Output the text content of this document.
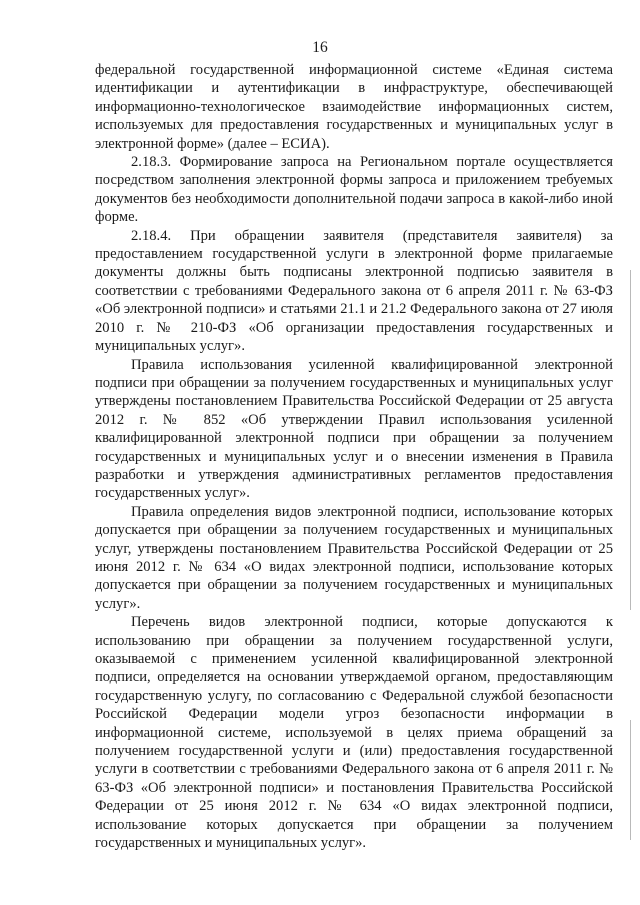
16

федеральной государственной информационной системе «Единая система идентификации и аутентификации в инфраструктуре, обеспечивающей информационно-технологическое взаимодействие информационных систем, используемых для предоставления государственных и муниципальных услуг в электронной форме» (далее – ЕСИА).

2.18.3. Формирование запроса на Региональном портале осуществляется посредством заполнения электронной формы запроса и приложением требуемых документов без необходимости дополнительной подачи запроса в какой-либо иной форме.

2.18.4. При обращении заявителя (представителя заявителя) за предоставлением государственной услуги в электронной форме прилагаемые документы должны быть подписаны электронной подписью заявителя в соответствии с требованиями Федерального закона от 6 апреля 2011 г. № 63-ФЗ «Об электронной подписи» и статьями 21.1 и 21.2 Федерального закона от 27 июля 2010 г. № 210-ФЗ «Об организации предоставления государственных и муниципальных услуг».

Правила использования усиленной квалифицированной электронной подписи при обращении за получением государственных и муниципальных услуг утверждены постановлением Правительства Российской Федерации от 25 августа 2012 г. № 852 «Об утверждении Правил использования усиленной квалифицированной электронной подписи при обращении за получением государственных и муниципальных услуг и о внесении изменения в Правила разработки и утверждения административных регламентов предоставления государственных услуг».

Правила определения видов электронной подписи, использование которых допускается при обращении за получением государственных и муниципальных услуг, утверждены постановлением Правительства Российской Федерации от 25 июня 2012 г. № 634 «О видах электронной подписи, использование которых допускается при обращении за получением государственных и муниципальных услуг».

Перечень видов электронной подписи, которые допускаются к использованию при обращении за получением государственной услуги, оказываемой с применением усиленной квалифицированной электронной подписи, определяется на основании утверждаемой органом, предоставляющим государственную услугу, по согласованию с Федеральной службой безопасности Российской Федерации модели угроз безопасности информации в информационной системе, используемой в целях приема обращений за получением государственной услуги и (или) предоставления государственной услуги в соответствии с требованиями Федерального закона от 6 апреля 2011 г. № 63-ФЗ «Об электронной подписи» и постановления Правительства Российской Федерации от 25 июня 2012 г. № 634 «О видах электронной подписи, использование которых допускается при обращении за получением государственных и муниципальных услуг».
